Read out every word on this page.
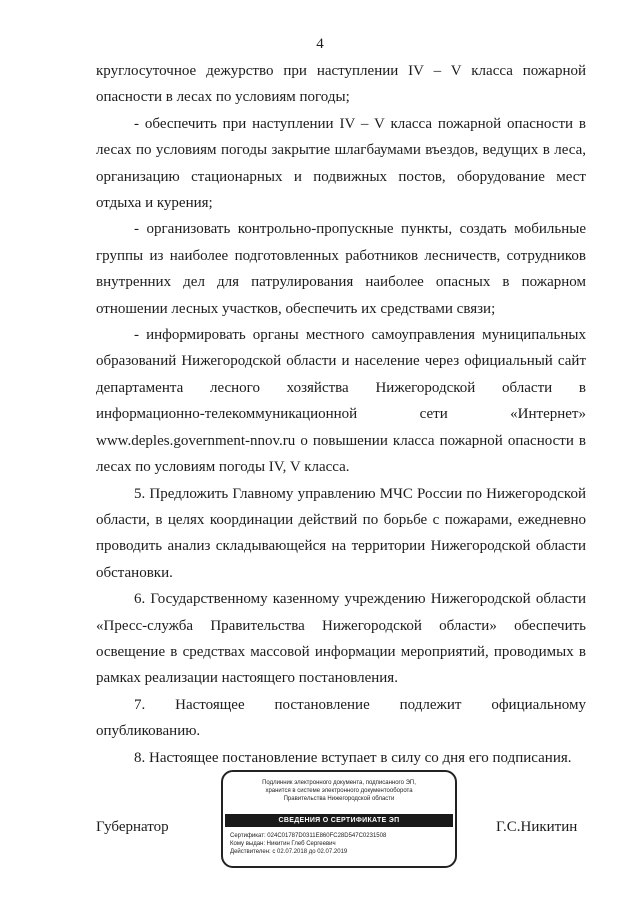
4

круглосуточное дежурство при наступлении IV – V класса пожарной опасности в лесах по условиям погоды;

- обеспечить при наступлении IV – V класса пожарной опасности в лесах по условиям погоды закрытие шлагбаумами въездов, ведущих в леса, организацию стационарных и подвижных постов, оборудование мест отдыха и курения;

- организовать контрольно-пропускные пункты, создать мобильные группы из наиболее подготовленных работников лесничеств, сотрудников внутренних дел для патрулирования наиболее опасных в пожарном отношении лесных участков, обеспечить их средствами связи;

- информировать органы местного самоуправления муниципальных образований Нижегородской области и население через официальный сайт департамента лесного хозяйства Нижегородской области в

информационно-телекоммуникационной	сети	«Интернет»

www.deples.government-nnov.ru о повышении класса пожарной опасности в лесах по условиям погоды IV, V класса.

5. Предложить Главному управлению МЧС России по Нижегородской области, в целях координации действий по борьбе с пожарами, ежедневно проводить анализ складывающейся на территории Нижегородской области обстановки.

6. Государственному казенному учреждению Нижегородской области «Пресс-служба Правительства Нижегородской области» обеспечить освещение в средствах массовой информации мероприятий, проводимых в рамках реализации настоящего постановления.

7. Настоящее постановление подлежит официальному опубликованию.

8. Настоящее постановление вступает в силу со дня его подписания.

Губернатор	Г.С.Никитин
Подлинник электронного документа, подписанного ЭП,
хранится в системе электронного документооборота
Правительства Нижегородской области
СВЕДЕНИЯ О СЕРТИФИКАТЕ ЭП
Сертификат: 024C01787D0311E860FC28D547C0231508
Кому выдан: Никитин Глеб Сергеевич
Действителен: с 02.07.2018 до 02.07.2019
